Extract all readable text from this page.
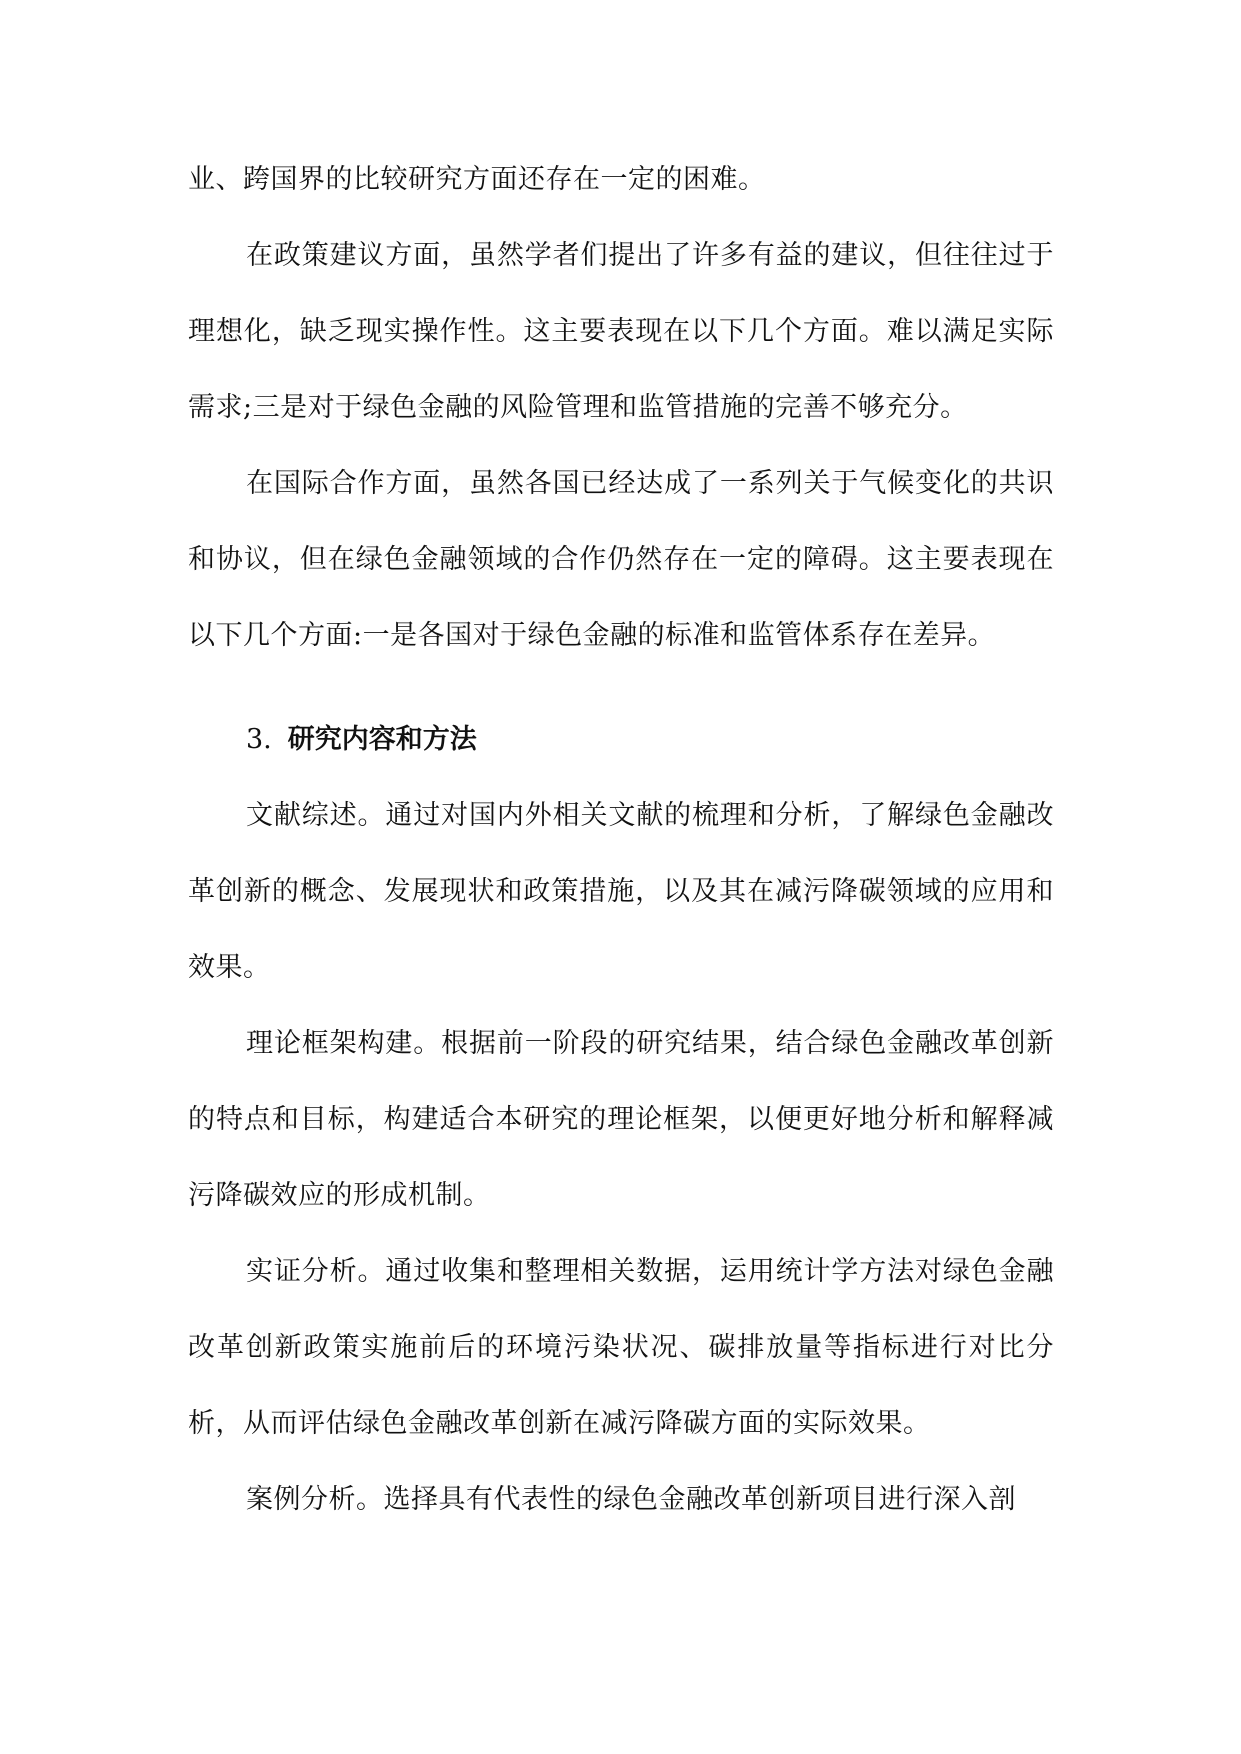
业、跨国界的比较研究方面还存在一定的困难。

在政策建议方面，虽然学者们提出了许多有益的建议，但往往过于理想化，缺乏现实操作性。这主要表现在以下几个方面。难以满足实际需求;三是对于绿色金融的风险管理和监管措施的完善不够充分。

在国际合作方面，虽然各国已经达成了一系列关于气候变化的共识和协议，但在绿色金融领域的合作仍然存在一定的障碍。这主要表现在以下几个方面:一是各国对于绿色金融的标准和监管体系存在差异。

3. 研究内容和方法

文献综述。通过对国内外相关文献的梳理和分析，了解绿色金融改革创新的概念、发展现状和政策措施，以及其在减污降碳领域的应用和效果。

理论框架构建。根据前一阶段的研究结果，结合绿色金融改革创新的特点和目标，构建适合本研究的理论框架，以便更好地分析和解释减污降碳效应的形成机制。

实证分析。通过收集和整理相关数据，运用统计学方法对绿色金融改革创新政策实施前后的环境污染状况、碳排放量等指标进行对比分析，从而评估绿色金融改革创新在减污降碳方面的实际效果。

案例分析。选择具有代表性的绿色金融改革创新项目进行深入剖
